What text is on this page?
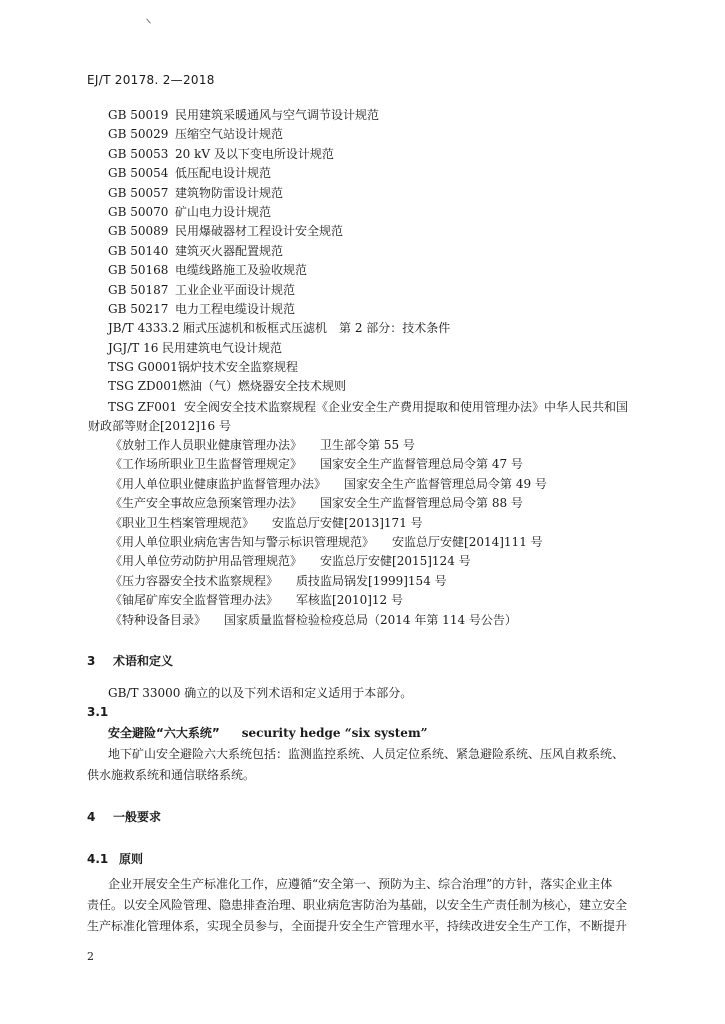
EJ/T 20178. 2—2018
GB 50019 民用建筑采暖通风与空气调节设计规范
GB 50029 压缩空气站设计规范
GB 50053 20 kV 及以下变电所设计规范
GB 50054 低压配电设计规范
GB 50057 建筑物防雷设计规范
GB 50070 矿山电力设计规范
GB 50089 民用爆破器材工程设计安全规范
GB 50140 建筑灭火器配置规范
GB 50168 电缆线路施工及验收规范
GB 50187 工业企业平面设计规范
GB 50217 电力工程电缆设计规范
JB/T 4333.2 厢式压滤机和板框式压滤机　第 2 部分：技术条件
JGJ/T 16 民用建筑电气设计规范
TSG G0001 锅炉技术安全监察规程
TSG ZD001 燃油（气）燃烧器安全技术规则
TSG ZF001 安全阀安全技术监察规程《企业安全生产费用提取和使用管理办法》中华人民共和国
财政部等财企[2012]16 号
《放射工作人员职业健康管理办法》 卫生部令第 55 号
《工作场所职业卫生监督管理规定》 国家安全生产监督管理总局令第 47 号
《用人单位职业健康监护监督管理办法》 国家安全生产监督管理总局令第 49 号
《生产安全事故应急预案管理办法》 国家安全生产监督管理总局令第 88 号
《职业卫生档案管理规范》 安监总厅安健[2013]171 号
《用人单位职业病危害告知与警示标识管理规范》 安监总厅安健[2014]111 号
《用人单位劳动防护用品管理规范》 安监总厅安健[2015]124 号
《压力容器安全技术监察规程》 质技监局锅发[1999]154 号
《铀尾矿库安全监督管理办法》 军核监[2010]12 号
《特种设备目录》 国家质量监督检验检疫总局（2014 年第 114 号公告）
3 术语和定义
GB/T 33000 确立的以及下列术语和定义适用于本部分。
3.1
安全避险“六大系统” security hedge “six system”
地下矿山安全避险六大系统包括：监测监控系统、人员定位系统、紧急避险系统、压风自救系统、
供水施救系统和通信联络系统。
4 一般要求
4.1 原则
企业开展安全生产标准化工作，应遵循“安全第一、预防为主、综合治理”的方针，落实企业主体
责任。以安全风险管理、隐患排查治理、职业病危害防治为基础，以安全生产责任制为核心，建立安全
生产标准化管理体系，实现全员参与，全面提升安全生产管理水平，持续改进安全生产工作，不断提升
2
